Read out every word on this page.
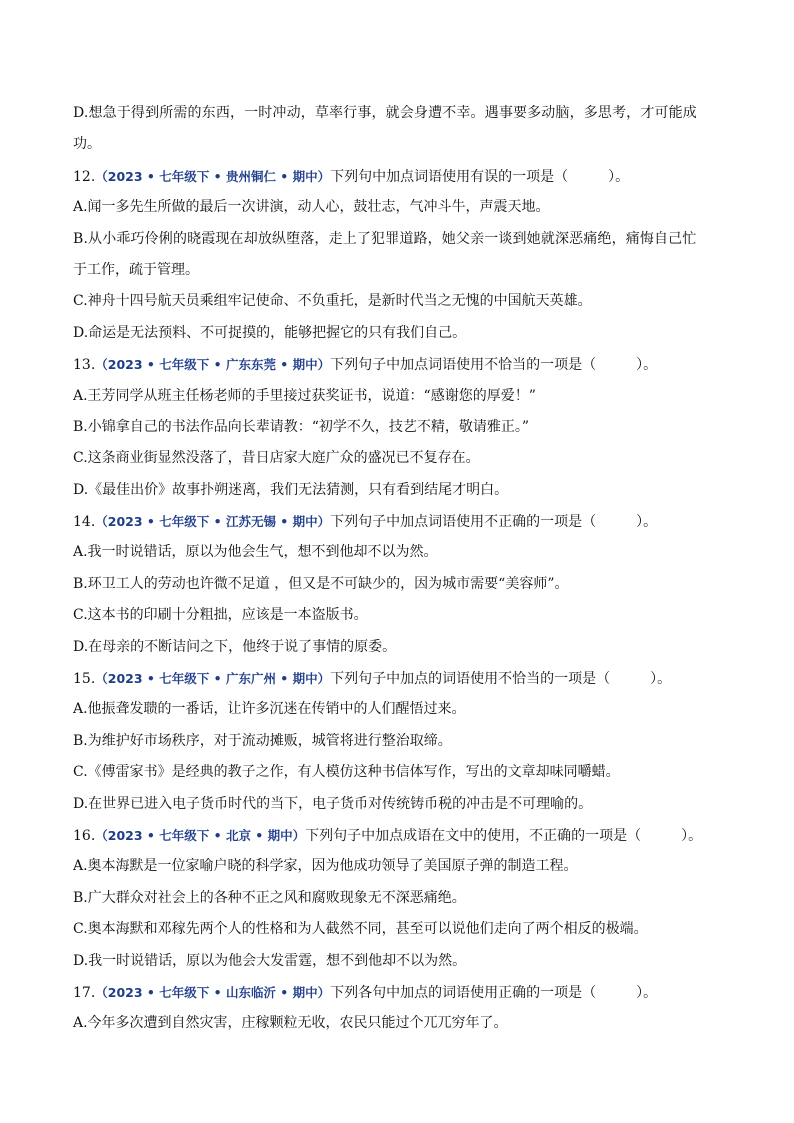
D.想急于得到所需的东西，一时冲动，草率行事，就会身遭不幸。遇事要多动脑，多思考，才可能成
功。
12.（2023 • 七年级下 • 贵州铜仁 • 期中）下列句中加点词语使用有误的一项是（	）。
A.闻一多先生所做的最后一次讲演，动人心，鼓壮志，气冲斗牛，声震天地。
B.从小乖巧伶俐的晓霞现在却放纵堕落，走上了犯罪道路，她父亲一谈到她就深恶痛绝，痛悔自己忙
于工作，疏于管理。
C.神舟十四号航天员乘组牢记使命、不负重托，是新时代当之无愧的中国航天英雄。
D.命运是无法预料、不可捉摸的，能够把握它的只有我们自己。
13.（2023 • 七年级下 • 广东东莞 • 期中）下列句子中加点词语使用不恰当的一项是（	）。
A.王芳同学从班主任杨老师的手里接过获奖证书，说道：“感谢您的厚爱！”
B.小锦拿自己的书法作品向长辈请教：“初学不久，技艺不精，敬请雅正。”
C.这条商业街显然没落了，昔日店家大庭广众的盛况已不复存在。
D.《最佳出价》故事扑朔迷离，我们无法猜测，只有看到结尾才明白。
14.（2023 • 七年级下 • 江苏无锡 • 期中）下列句子中加点词语使用不正确的一项是（	）。
A.我一时说错话，原以为他会生气，想不到他却不以为然。
B.环卫工人的劳动也许微不足道 ，但又是不可缺少的，因为城市需要“美容师”。
C.这本书的印刷十分粗拙，应该是一本盗版书。
D.在母亲的不断诘问之下，他终于说了事情的原委。
15.（2023 • 七年级下 • 广东广州 • 期中）下列句子中加点的词语使用不恰当的一项是（	）。
A.他振聋发聩的一番话，让许多沉迷在传销中的人们醒悟过来。
B.为维护好市场秩序，对于流动摊贩，城管将进行整治取缔。
C.《傅雷家书》是经典的教子之作，有人模仿这种书信体写作，写出的文章却味同嚼蜡。
D.在世界已进入电子货币时代的当下，电子货币对传统铸币税的冲击是不可理喻的。
16.（2023 • 七年级下 • 北京 • 期中）下列句子中加点成语在文中的使用，不正确的一项是（	）。
A.奥本海默是一位家喻户晓的科学家，因为他成功领导了美国原子弹的制造工程。
B.广大群众对社会上的各种不正之风和腐败现象无不深恶痛绝。
C.奥本海默和邓稼先两个人的性格和为人截然不同，甚至可以说他们走向了两个相反的极端。
D.我一时说错话，原以为他会大发雷霆，想不到他却不以为然。
17.（2023 • 七年级下 • 山东临沂 • 期中）下列各句中加点的词语使用正确的一项是（	）。
A.今年多次遭到自然灾害，庄稼颗粒无收，农民只能过个兀兀穷年了。
